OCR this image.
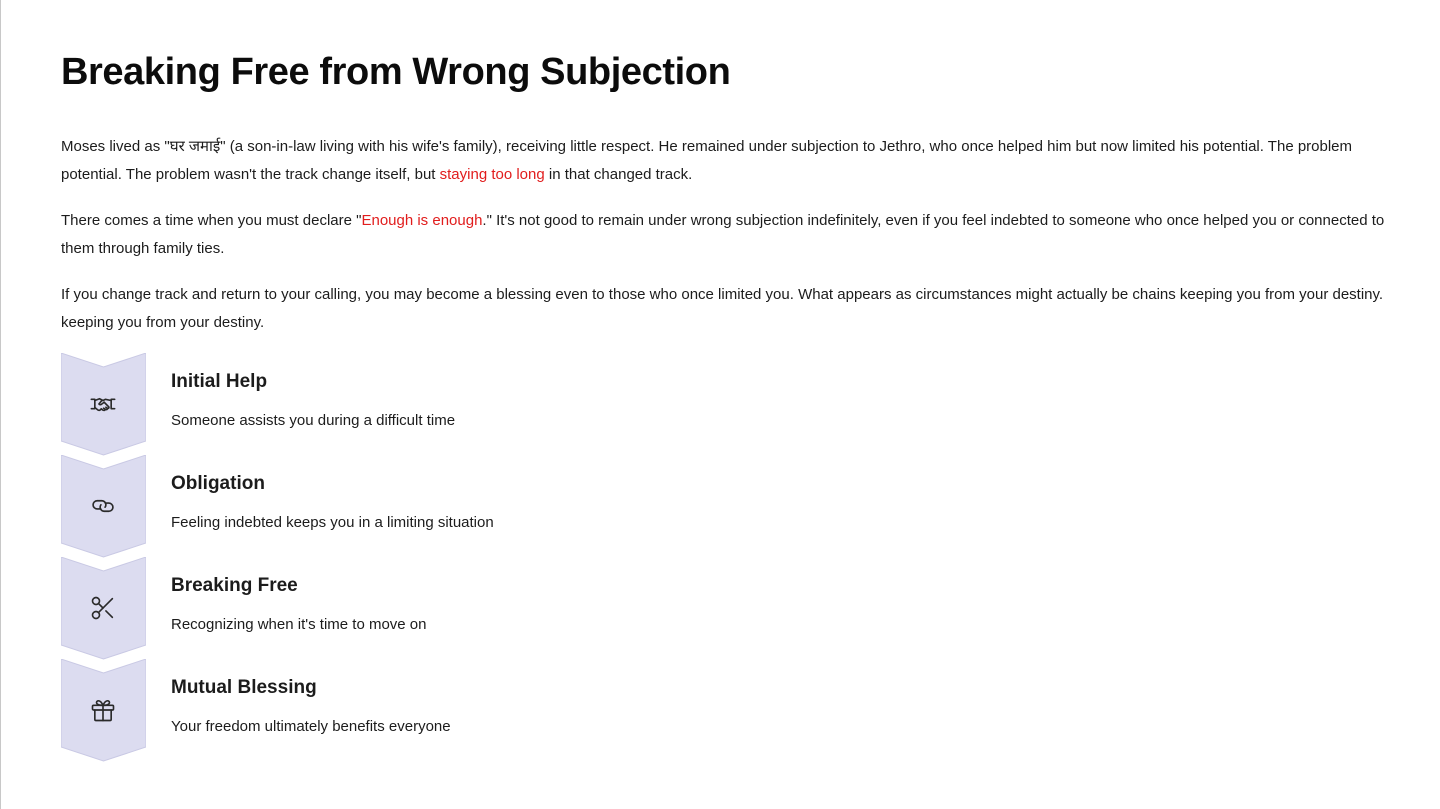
Breaking Free from Wrong Subjection

Moses lived as "घर जमाई" (a son-in-law living with his wife's family), receiving little respect. He remained under subjection to Jethro, who once helped him but now limited his potential. The problem potential. The problem wasn't the track change itself, but staying too long in that changed track.

There comes a time when you must declare "Enough is enough." It's not good to remain under wrong subjection indefinitely, even if you feel indebted to someone who once helped you or connected to them through family ties.

If you change track and return to your calling, you may become a blessing even to those who once limited you. What appears as circumstances might actually be chains keeping you from your destiny. keeping you from your destiny.

Initial Help

Someone assists you during a difficult time

Obligation

Feeling indebted keeps you in a limiting situation

Breaking Free

Recognizing when it's time to move on

Mutual Blessing

Your freedom ultimately benefits everyone
